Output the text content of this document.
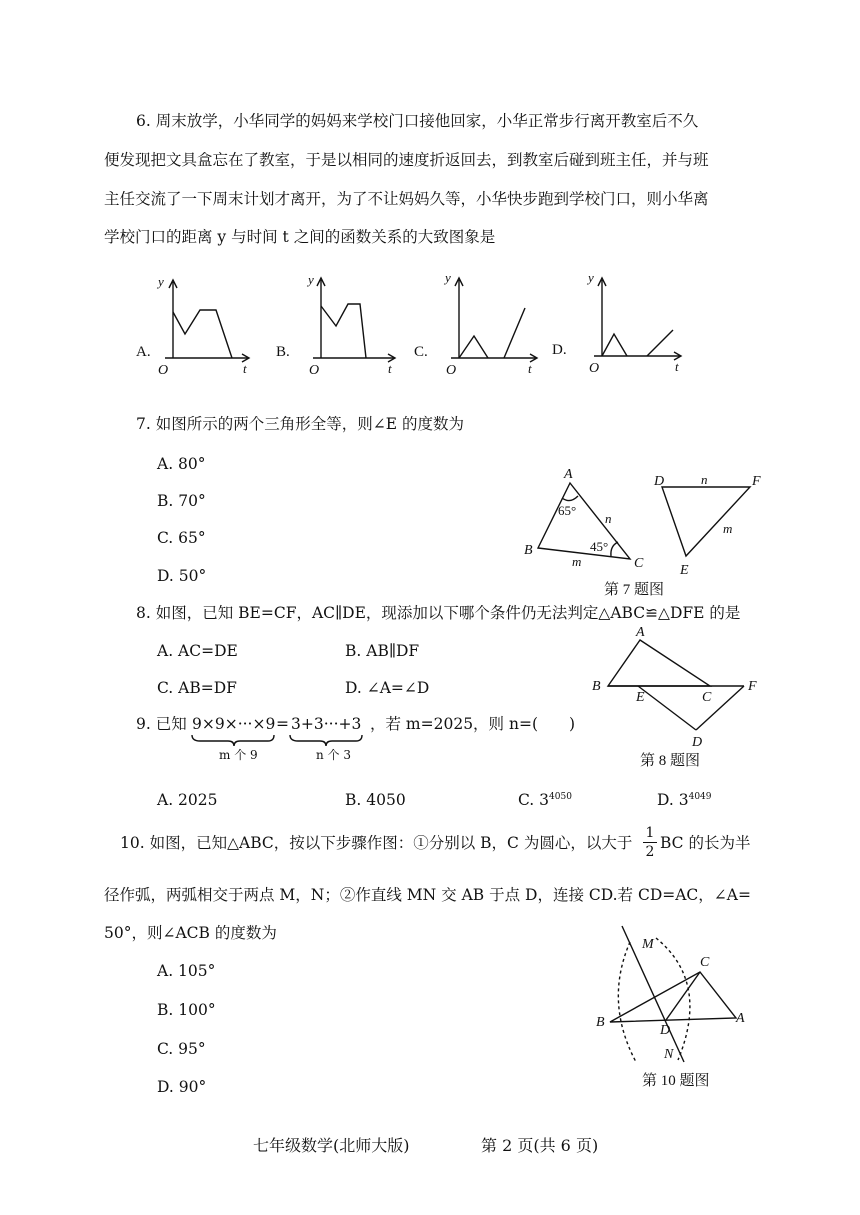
6. 周末放学，小华同学的妈妈来学校门口接他回家，小华正常步行离开教室后不久
便发现把文具盒忘在了教室，于是以相同的速度折返回去，到教室后碰到班主任，并与班
主任交流了一下周末计划才离开，为了不让妈妈久等，小华快步跑到学校门口，则小华离
学校门口的距离 y 与时间 t 之间的函数关系的大致图象是
A.
y
t
O
B.
y
t
O
C.
y
t
O
D.
y
t
O
7. 如图所示的两个三角形全等，则∠E 的度数为
A. 80°
B. 70°
C. 65°
D. 50°
A
B
C
65°
45°
n
m
D	F
E
n
m
第 7 题图
8. 如图，已知 BE=CF，AC∥DE，现添加以下哪个条件仍无法判定△ABC≌△DFE 的是
A. AC=DE	B. AB∥DF
C. AB=DF	D. ∠A=∠D
A
B
E	C
F
D
第 8 题图
9. 已知 9×9×···×9 = 3+3···+3 ，若 m=2025，则 n=(　　)
m 个 9	n 个 3
A. 2025	B. 4050	C. $3^{4050}$	D. $3^{4049}$
10. 如图，已知△ABC，按以下步骤作图：①分别以 B，C 为圆心，以大于
1
2 BC 的长为半
径作弧，两弧相交于两点 M，N；②作直线 MN 交 AB 于点 D，连接 CD.若 CD=AC，∠A=
50°，则∠ACB 的度数为
A. 105°
B. 100°
C. 95°
D. 90°
M
C
B
D
A
N
第 10 题图
七年级数学(北师大版)	第 2 页(共 6 页)
